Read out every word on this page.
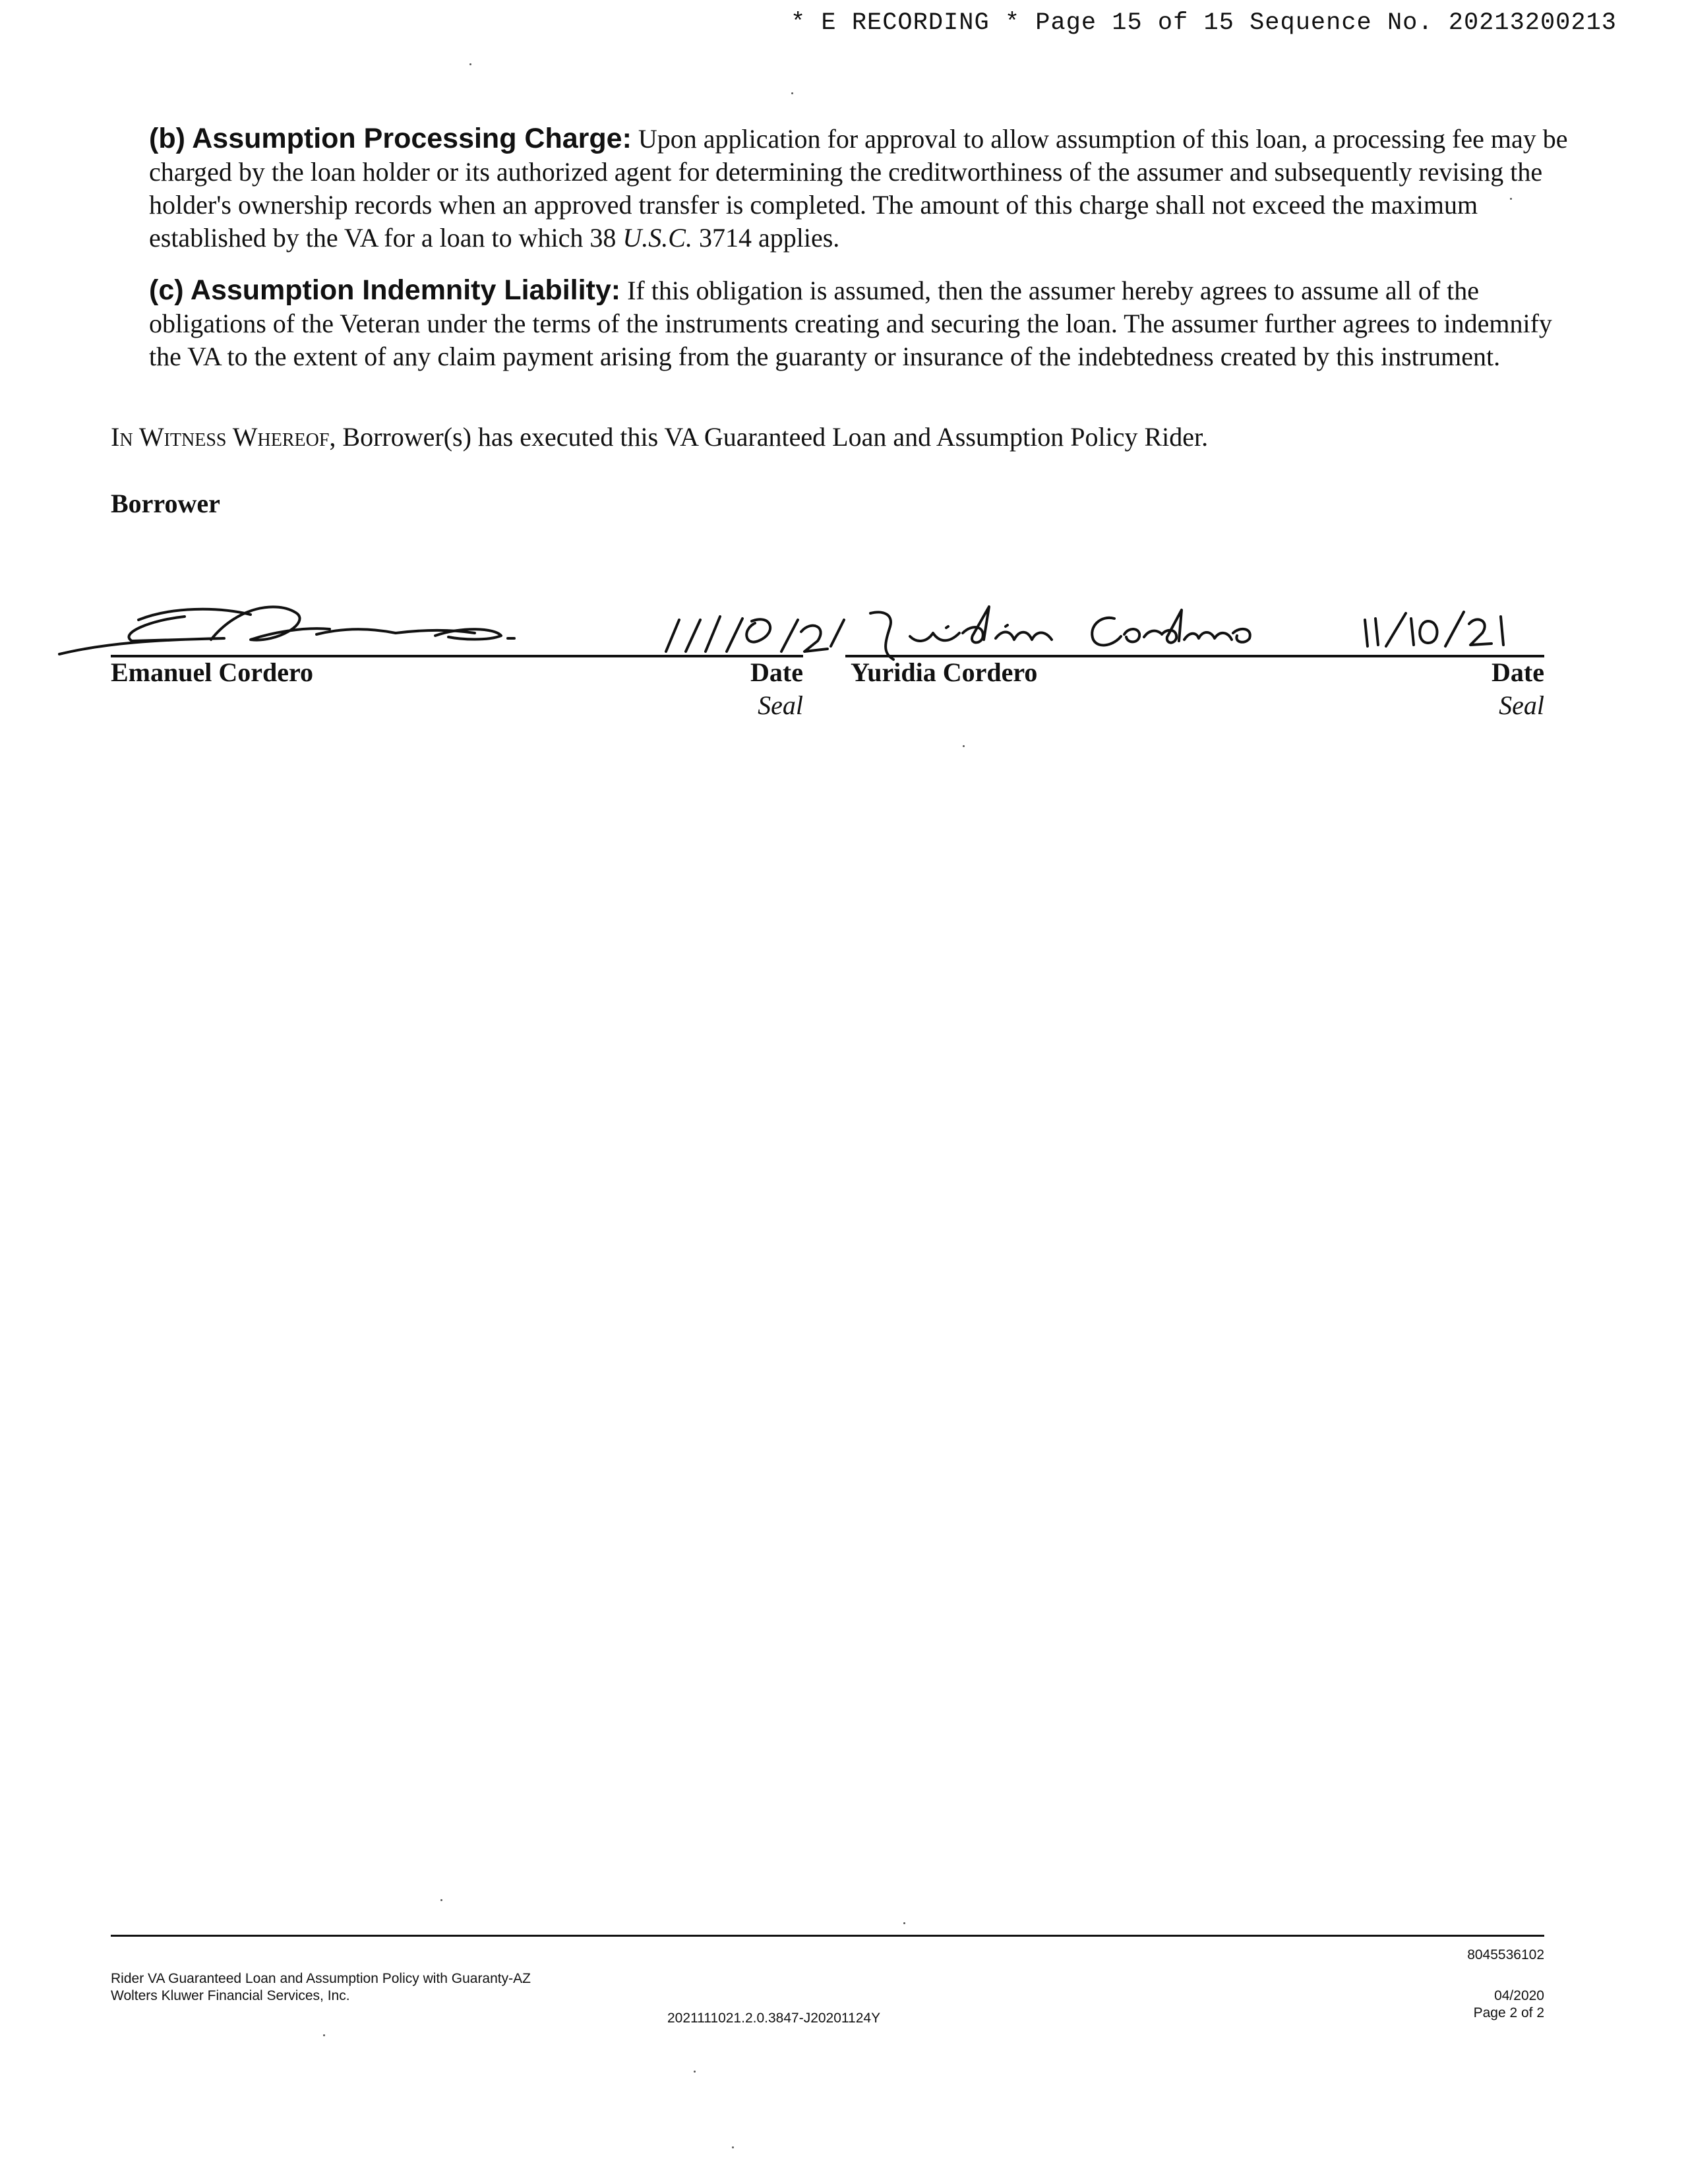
* E RECORDING * Page 15 of 15 Sequence No. 20213200213
(b) Assumption Processing Charge: Upon application for approval to allow assumption of this loan, a processing fee may be charged by the loan holder or its authorized agent for determining the creditworthiness of the assumer and subsequently revising the holder's ownership records when an approved transfer is completed. The amount of this charge shall not exceed the maximum established by the VA for a loan to which 38 U.S.C. 3714 applies.
(c) Assumption Indemnity Liability: If this obligation is assumed, then the assumer hereby agrees to assume all of the obligations of the Veteran under the terms of the instruments creating and securing the loan. The assumer further agrees to indemnify the VA to the extent of any claim payment arising from the guaranty or insurance of the indebtedness created by this instrument.
In Witness Whereof, Borrower(s) has executed this VA Guaranteed Loan and Assumption Policy Rider.
Borrower
Emanuel Cordero	Date
Seal
Yuridia Cordero	Date
Seal
8045536102
Rider VA Guaranteed Loan and Assumption Policy with Guaranty-AZ
Wolters Kluwer Financial Services, Inc.	04/2020
Page 2 of 2
2021111021.2.0.3847-J20201124Y
